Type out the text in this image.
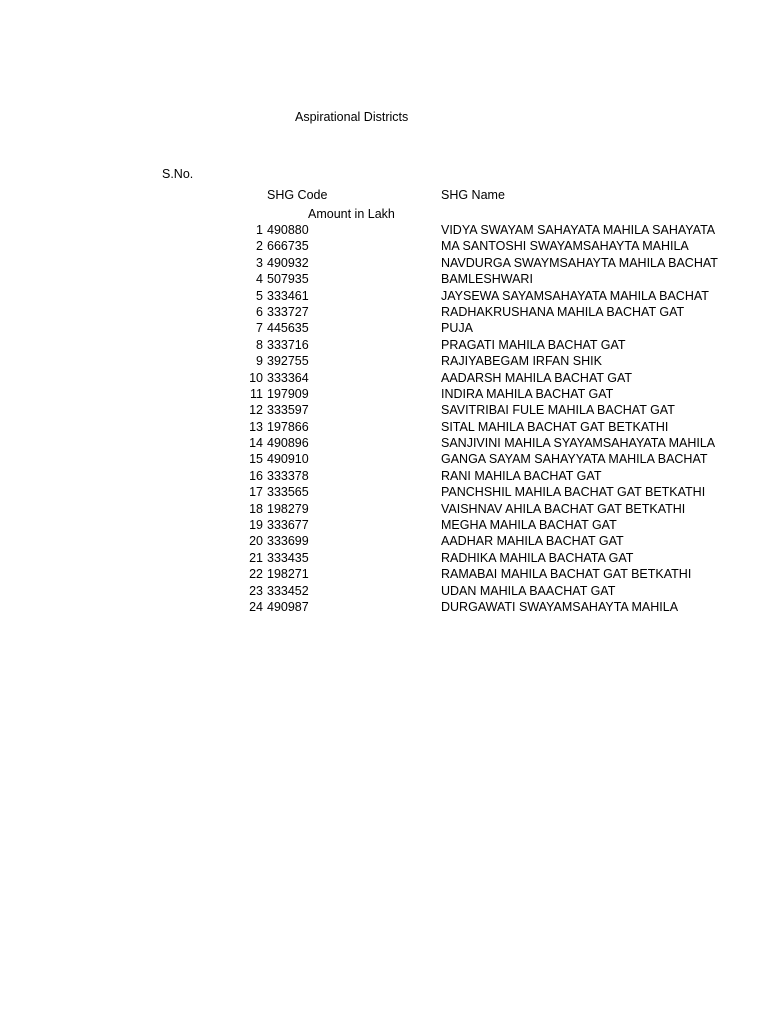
Aspirational Districts
S.No.
SHG Code	SHG Name
Amount in Lakh
1 490880	VIDYA SWAYAM SAHAYATA MAHILA SAHAYATA
2 666735	MA SANTOSHI SWAYAMSAHAYTA MAHILA
3 490932	NAVDURGA SWAYMSAHAYTA MAHILA BACHAT
4 507935	BAMLESHWARI
5 333461	JAYSEWA SAYAMSAHAYATA MAHILA BACHAT
6 333727	RADHAKRUSHANA MAHILA BACHAT GAT
7 445635	PUJA
8 333716	PRAGATI MAHILA BACHAT GAT
9 392755	RAJIYABEGAM IRFAN SHIK
10 333364	AADARSH MAHILA BACHAT GAT
11 197909	INDIRA MAHILA BACHAT GAT
12 333597	SAVITRIBAI FULE MAHILA BACHAT GAT
13 197866	SITAL MAHILA BACHAT GAT BETKATHI
14 490896	SANJIVINI MAHILA SYAYAMSAHAYATA MAHILA
15 490910	GANGA SAYAM SAHAYYATA MAHILA BACHAT
16 333378	RANI MAHILA BACHAT GAT
17 333565	PANCHSHIL MAHILA BACHAT GAT BETKATHI
18 198279	VAISHNAV AHILA BACHAT GAT BETKATHI
19 333677	MEGHA MAHILA BACHAT GAT
20 333699	AADHAR MAHILA BACHAT GAT
21 333435	RADHIKA MAHILA BACHATA GAT
22 198271	RAMABAI MAHILA BACHAT GAT BETKATHI
23 333452	UDAN MAHILA BAACHAT GAT
24 490987	DURGAWATI SWAYAMSAHAYTA MAHILA
